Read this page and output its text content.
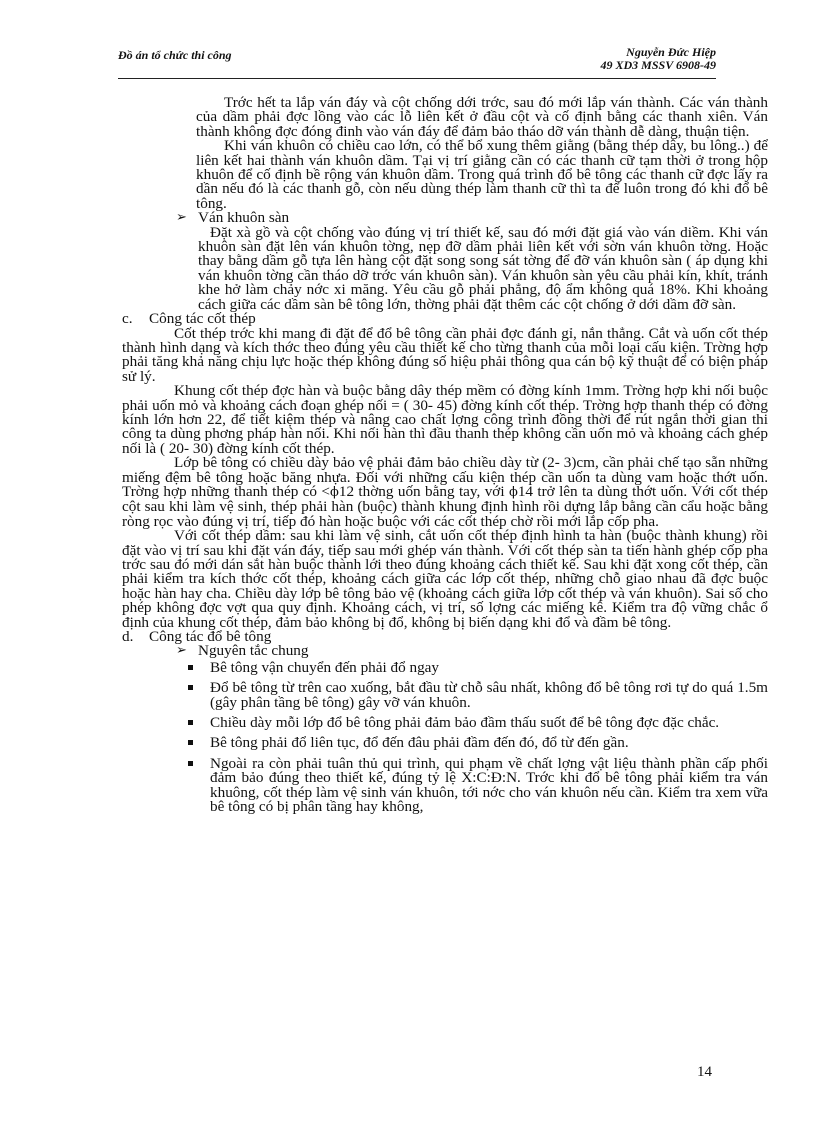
Đồ án tổ chức thi công	Nguyễn Đức Hiệp
49 XD3 MSSV 6908-49

Trớc hết ta lắp ván đáy và cột chống dới trớc, sau đó mới lắp ván thành. Các ván thành của dầm phải đợc lồng vào các lỗ liên kết ở đầu cột và cố định bằng các thanh xiên. Ván thành không đợc đóng đinh vào ván đáy để đảm bảo tháo dỡ ván thành dễ dàng, thuận tiện.

Khi ván khuôn có chiều cao lớn, có thể bổ xung thêm giằng (bằng thép dây, bu lông..) để liên kết hai thành ván khuôn dầm. Tại vị trí giằng cần có các thanh cữ tạm thời ở trong hộp khuôn để cố định bề rộng ván khuôn dầm. Trong quá trình đổ bê tông các thanh cữ đợc lấy ra dần nếu đó là các thanh gỗ, còn nếu dùng thép làm thanh cữ thì ta để luôn trong đó khi đổ bê tông.

➢ Ván khuôn sàn

Đặt xà gồ và cột chống vào đúng vị trí thiết kế, sau đó mới đặt giá vào ván diềm. Khi ván khuôn sàn đặt lên ván khuôn tờng, nẹp đỡ dầm phải liên kết với sờn ván khuôn tờng. Hoặc thay bằng dầm gỗ tựa lên hàng cột đặt song song sát tờng để đỡ ván khuôn sàn ( áp dụng khi ván khuôn tờng cần tháo dỡ trớc ván khuôn sàn). Ván khuôn sàn yêu cầu phải kín, khít, tránh khe hở làm chảy nớc xi măng. Yêu cầu gỗ phải phẳng, độ ẩm không quá 18%. Khi khoảng cách giữa các dầm sàn bê tông lớn, thờng phải đặt thêm các cột chống ở dới dầm đỡ sàn.

c. Công tác cốt thép

Cốt thép trớc khi mang đi đặt để đổ bê tông cần phải đợc đánh gỉ, nắn thẳng. Cắt và uốn cốt thép thành hình dạng và kích thớc theo đúng yêu cầu thiết kế cho từng thanh của mỗi loại cấu kiện. Trờng hợp phải tăng khả năng chịu lực hoặc thép không đúng số hiệu phải thông qua cán bộ kỹ thuật để có biện pháp sử lý.

Khung cốt thép đợc hàn và buộc bằng dây thép mềm có đờng kính 1mm. Trờng hợp khi nối buộc phải uốn mỏ và khoảng cách đoạn ghép nối = ( 30- 45) đờng kính cốt thép. Trờng hợp thanh thép có đờng kính lớn hơn 22, để tiết kiệm thép và nâng cao chất lợng công trình đồng thời để rút ngắn thời gian thi công ta dùng phơng pháp hàn nối. Khi nối hàn thì đầu thanh thép không cần uốn mỏ và khoảng cách ghép nối là ( 20- 30) đờng kính cốt thép.

Lớp bê tông có chiều dày bảo vệ phải đảm bảo chiều dày từ (2- 3)cm, cần phải chế tạo sẵn những miếng đệm bê tông hoặc băng nhựa. Đối với những cấu kiện thép cần uốn ta dùng vam hoặc thớt uốn. Trờng hợp những thanh thép có <ϕ12 thờng uốn bằng tay, với ϕ14 trở lên ta dùng thớt uốn. Với cốt thép cột sau khi làm vệ sinh, thép phải hàn (buộc) thành khung định hình rồi dựng lắp bằng cần cẩu hoặc bằng ròng rọc vào đúng vị trí, tiếp đó hàn hoặc buộc với các cốt thép chờ rồi mới lắp cốp pha.

Với cốt thép dầm: sau khi làm vệ sinh, cắt uốn cốt thép định hình ta hàn (buộc thành khung) rồi đặt vào vị trí sau khi đặt ván đáy, tiếp sau mới ghép ván thành. Với cốt thép sàn ta tiến hành ghép cốp pha trớc sau đó mới dán sắt hàn buộc thành lới theo đúng khoảng cách thiết kế. Sau khi đặt xong cốt thép, cần phải kiểm tra kích thớc cốt thép, khoảng cách giữa các lớp cốt thép, những chỗ giao nhau đã đợc buộc hoặc hàn hay cha. Chiều dày lớp bê tông bảo vệ (khoảng cách giữa lớp cốt thép và ván khuôn). Sai số cho phép không đợc vợt qua quy định. Khoảng cách, vị trí, số lợng các miếng kê. Kiểm tra độ vững chắc ổ định của khung cốt thép, đảm bảo không bị đổ, không bị biến dạng khi đổ và đầm bê tông.

d. Công tác đổ bê tông

➢ Nguyên tắc chung

Bê tông vận chuyển đến phải đổ ngay
Đổ bê tông từ trên cao xuống, bắt đầu từ chỗ sâu nhất, không đổ bê tông rơi tự do quá 1.5m (gây phân tầng bê tông) gây vỡ ván khuôn.
Chiều dày mỗi lớp đổ bê tông phải đảm bảo đầm thấu suốt để bê tông đợc đặc chắc.
Bê tông phải đổ liên tục, đổ đến đâu phải đầm đến đó, đổ từ đến gần.
Ngoài ra còn phải tuân thủ qui trình, qui phạm về chất lợng vật liệu thành phần cấp phối đảm bảo đúng theo thiết kế, đúng tỷ lệ X:C:Đ:N. Trớc khi đổ bê tông phải kiểm tra ván khuông, cốt thép làm vệ sinh ván khuôn, tới nớc cho ván khuôn nếu cần. Kiểm tra xem vữa bê tông có bị phân tầng hay không,
14
